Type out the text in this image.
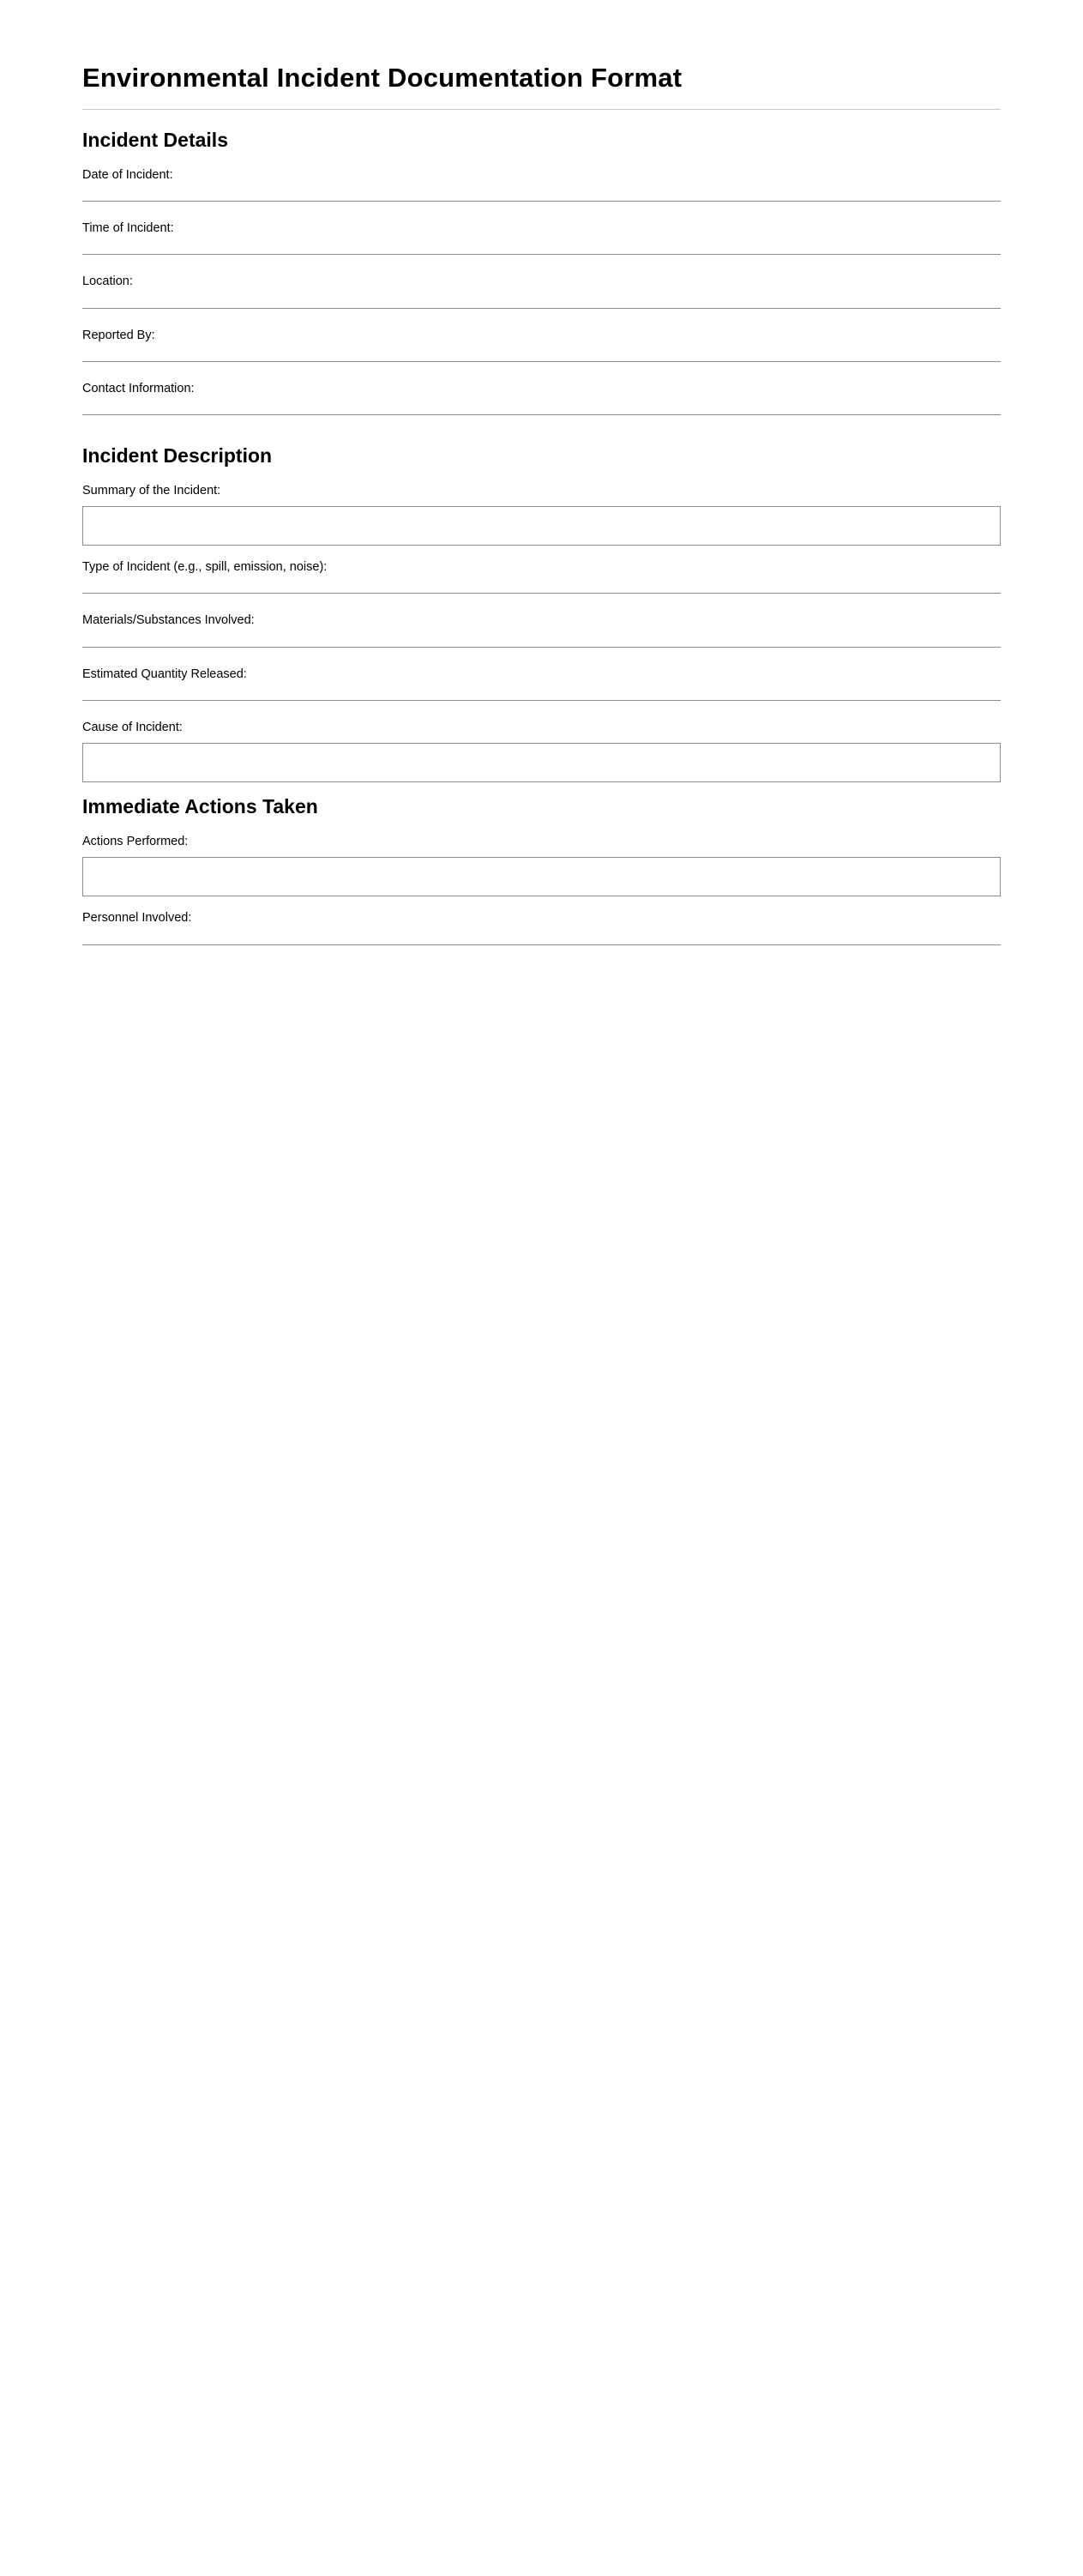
Environmental Incident Documentation Format
Incident Details
Date of Incident:
Time of Incident:
Location:
Reported By:
Contact Information:
Incident Description
Summary of the Incident:
Type of Incident (e.g., spill, emission, noise):
Materials/Substances Involved:
Estimated Quantity Released:
Cause of Incident:
Immediate Actions Taken
Actions Performed:
Personnel Involved:
